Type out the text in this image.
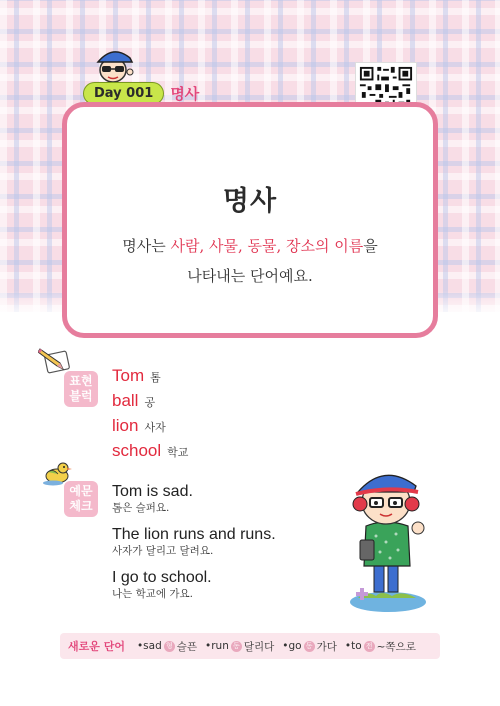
Day 001	명사
명사
명사는 사람, 사물, 동물, 장소의 이름을
나타내는 단어예요.
표현
블럭
Tom 톰
ball 공
lion 사자
school 학교
예문
체크
Tom is sad.
톰은 슬퍼요.
The lion runs and runs.
사자가 달리고 달려요.
I go to school.
나는 학교에 가요.
새로운 단어 •sad 형 슬픈 •run 동 달리다 •go 동 가다 •to 전 ~쪽으로
